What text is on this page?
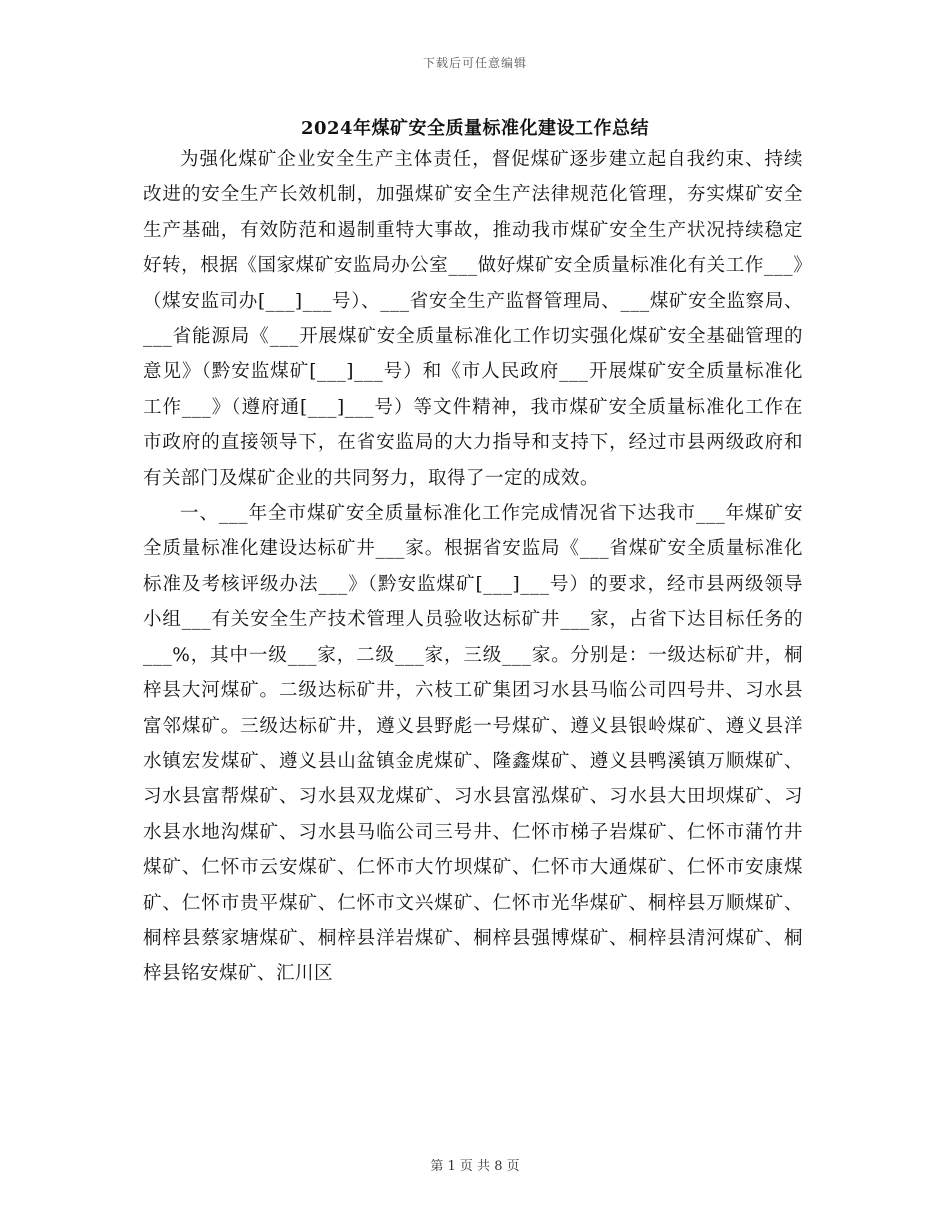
下载后可任意编辑
2024年煤矿安全质量标准化建设工作总结

为强化煤矿企业安全生产主体责任，督促煤矿逐步建立起自我约束、持续改进的安全生产长效机制，加强煤矿安全生产法律规范化管理，夯实煤矿安全生产基础，有效防范和遏制重特大事故，推动我市煤矿安全生产状况持续稳定好转，根据《国家煤矿安监局办公室___做好煤矿安全质量标准化有关工作___》（煤安监司办[___]___号）、___省安全生产监督管理局、___煤矿安全监察局、___省能源局《___开展煤矿安全质量标准化工作切实强化煤矿安全基础管理的意见》（黔安监煤矿[___]___号）和《市人民政府___开展煤矿安全质量标准化工作___》（遵府通[___]___号）等文件精神，我市煤矿安全质量标准化工作在市政府的直接领导下，在省安监局的大力指导和支持下，经过市县两级政府和有关部门及煤矿企业的共同努力，取得了一定的成效。

一、___年全市煤矿安全质量标准化工作完成情况省下达我市___年煤矿安全质量标准化建设达标矿井___家。根据省安监局《___省煤矿安全质量标准化标准及考核评级办法___》（黔安监煤矿[___]___号）的要求，经市县两级领导小组___有关安全生产技术管理人员验收达标矿井___家，占省下达目标任务的___%，其中一级___家，二级___家，三级___家。分别是：一级达标矿井，桐梓县大河煤矿。二级达标矿井，六枝工矿集团习水县马临公司四号井、习水县富邻煤矿。三级达标矿井，遵义县野彪一号煤矿、遵义县银岭煤矿、遵义县洋水镇宏发煤矿、遵义县山盆镇金虎煤矿、隆鑫煤矿、遵义县鸭溪镇万顺煤矿、习水县富帮煤矿、习水县双龙煤矿、习水县富泓煤矿、习水县大田坝煤矿、习水县水地沟煤矿、习水县马临公司三号井、仁怀市梯子岩煤矿、仁怀市蒲竹井煤矿、仁怀市云安煤矿、仁怀市大竹坝煤矿、仁怀市大通煤矿、仁怀市安康煤矿、仁怀市贵平煤矿、仁怀市文兴煤矿、仁怀市光华煤矿、桐梓县万顺煤矿、桐梓县蔡家塘煤矿、桐梓县洋岩煤矿、桐梓县强博煤矿、桐梓县清河煤矿、桐梓县铭安煤矿、汇川区

第 1 页 共 8 页
